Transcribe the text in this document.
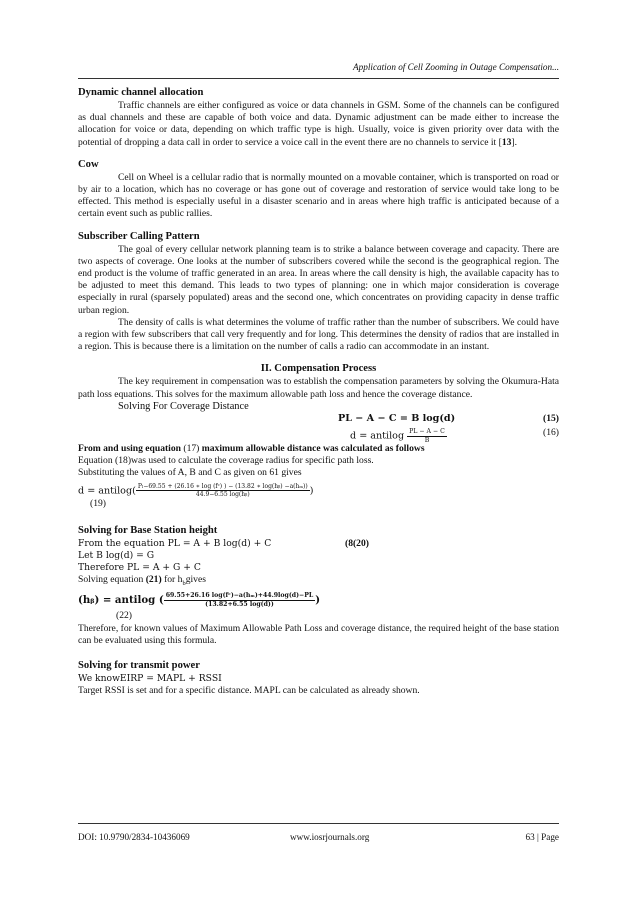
Application of Cell Zooming in Outage Compensation...
Dynamic channel allocation

Traffic channels are either configured as voice or data channels in GSM. Some of the channels can be configured as dual channels and these are capable of both voice and data. Dynamic adjustment can be made either to increase the allocation for voice or data, depending on which traffic type is high. Usually, voice is given priority over data with the potential of dropping a data call in order to service a voice call in the event there are no channels to service it [13].

Cow

Cell on Wheel is a cellular radio that is normally mounted on a movable container, which is transported on road or by air to a location, which has no coverage or has gone out of coverage and restoration of service would take long to be effected. This method is especially useful in a disaster scenario and in areas where high traffic is anticipated because of a certain event such as public rallies.

Subscriber Calling Pattern

The goal of every cellular network planning team is to strike a balance between coverage and capacity. There are two aspects of coverage. One looks at the number of subscribers covered while the second is the geographical region. The end product is the volume of traffic generated in an area. In areas where the call density is high, the available capacity has to be adjusted to meet this demand. This leads to two types of planning: one in which major consideration is coverage especially in rural (sparsely populated) areas and the second one, which concentrates on providing capacity in dense traffic urban region.

The density of calls is what determines the volume of traffic rather than the number of subscribers. We could have a region with few subscribers that call very frequently and for long. This determines the density of radios that are installed in a region. This is because there is a limitation on the number of calls a radio can accommodate in an instant.

II. Compensation Process

The key requirement in compensation was to establish the compensation parameters by solving the Okumura-Hata path loss equations. This solves for the maximum allowable path loss and hence the coverage distance.

Solving For Coverage Distance

PL − A − C = B log(d)	(15)
d = antilog $\frac{PL - A - C}{B}$	(16)

From and using equation (17) maximum allowable distance was calculated as follows

Equation (18)was used to calculate the coverage radius for specific path loss.

Substituting the values of A, B and C as given on 61 gives

d = antilog( $\frac{\text{Pₗ−69.55 + (26.16 ∗ log (fᶜ) ) − (13.82 ∗ log(hᵦ) −a(hₘ))}}{\text{44.9−6.55 log⁡(hᵦ)}}$ )

(19)

Solving for Base Station height
From the equation PL = A + B log(d) + C	(8(20)

Let B log(d) = G

Therefore PL = A + G + C

Solving equation (21) for $h_bgives$

(hᵦ) = antilog ( $\frac{\text{69.55+26.16 log(fᶜ)−a(hₘ)+44.9log(d)−PL}}{(13.82+6.55 \log(d))}$ )

(22)

Therefore, for known values of Maximum Allowable Path Loss and coverage distance, the required height of the base station can be evaluated using this formula.

Solving for transmit power

We knowEIRP = MAPL + RSSI

Target RSSI is set and for a specific distance. MAPL can be calculated as already shown.

DOI: 10.9790/2834-10436069	www.iosrjournals.org	63 | Page
